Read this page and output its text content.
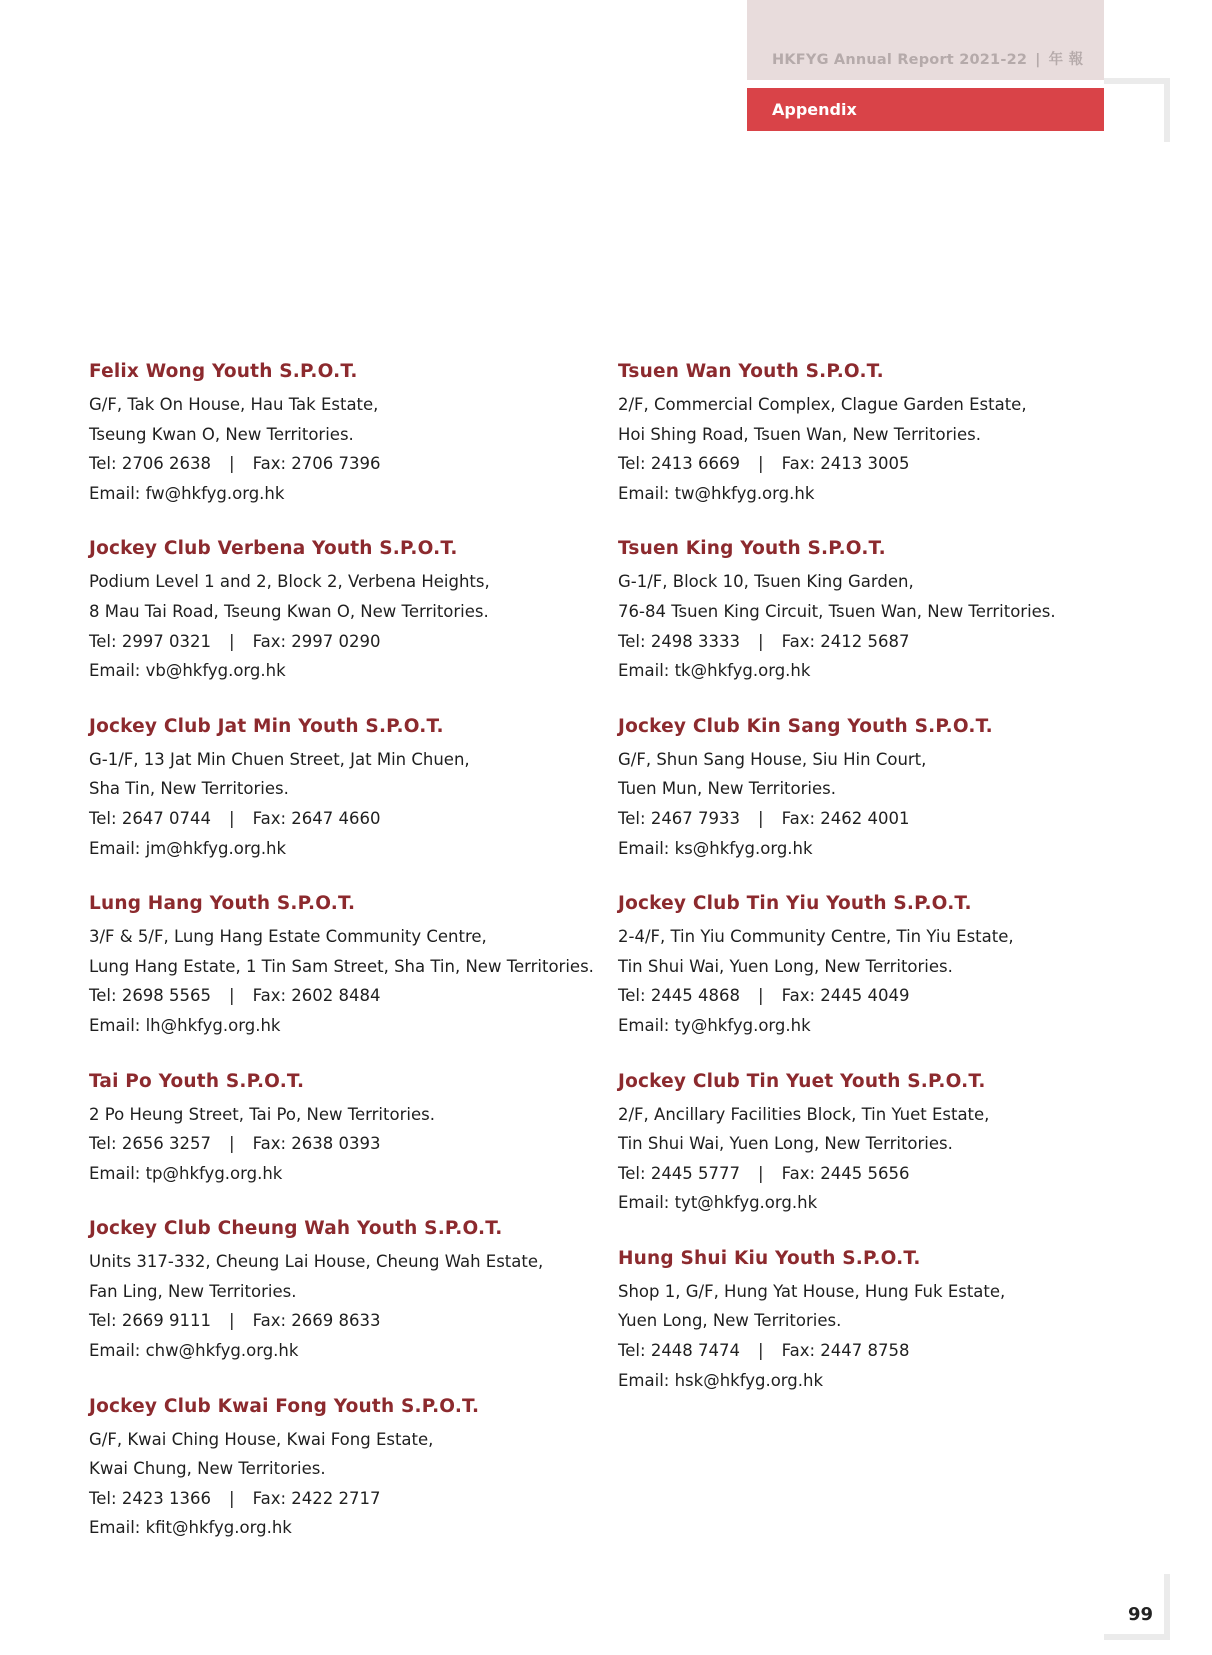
HKFYG Annual Report 2021-22 | 年 報
Appendix
99
Felix Wong Youth S.P.O.T.
G/F, Tak On House, Hau Tak Estate,
Tseung Kwan O, New Territories.
Tel: 2706 2638 | Fax: 2706 7396
Email: fw@hkfyg.org.hk
Jockey Club Verbena Youth S.P.O.T.
Podium Level 1 and 2, Block 2, Verbena Heights,
8 Mau Tai Road, Tseung Kwan O, New Territories.
Tel: 2997 0321 | Fax: 2997 0290
Email: vb@hkfyg.org.hk
Jockey Club Jat Min Youth S.P.O.T.
G-1/F, 13 Jat Min Chuen Street, Jat Min Chuen,
Sha Tin, New Territories.
Tel: 2647 0744 | Fax: 2647 4660
Email: jm@hkfyg.org.hk
Lung Hang Youth S.P.O.T.
3/F & 5/F, Lung Hang Estate Community Centre,
Lung Hang Estate, 1 Tin Sam Street, Sha Tin, New Territories.
Tel: 2698 5565 | Fax: 2602 8484
Email: lh@hkfyg.org.hk
Tai Po Youth S.P.O.T.
2 Po Heung Street, Tai Po, New Territories.
Tel: 2656 3257 | Fax: 2638 0393
Email: tp@hkfyg.org.hk
Jockey Club Cheung Wah Youth S.P.O.T.
Units 317-332, Cheung Lai House, Cheung Wah Estate,
Fan Ling, New Territories.
Tel: 2669 9111 | Fax: 2669 8633
Email: chw@hkfyg.org.hk
Jockey Club Kwai Fong Youth S.P.O.T.
G/F, Kwai Ching House, Kwai Fong Estate,
Kwai Chung, New Territories.
Tel: 2423 1366 | Fax: 2422 2717
Email: kfit@hkfyg.org.hk
Tsuen Wan Youth S.P.O.T.
2/F, Commercial Complex, Clague Garden Estate,
Hoi Shing Road, Tsuen Wan, New Territories.
Tel: 2413 6669 | Fax: 2413 3005
Email: tw@hkfyg.org.hk
Tsuen King Youth S.P.O.T.
G-1/F, Block 10, Tsuen King Garden,
76-84 Tsuen King Circuit, Tsuen Wan, New Territories.
Tel: 2498 3333 | Fax: 2412 5687
Email: tk@hkfyg.org.hk
Jockey Club Kin Sang Youth S.P.O.T.
G/F, Shun Sang House, Siu Hin Court,
Tuen Mun, New Territories.
Tel: 2467 7933 | Fax: 2462 4001
Email: ks@hkfyg.org.hk
Jockey Club Tin Yiu Youth S.P.O.T.
2-4/F, Tin Yiu Community Centre, Tin Yiu Estate,
Tin Shui Wai, Yuen Long, New Territories.
Tel: 2445 4868 | Fax: 2445 4049
Email: ty@hkfyg.org.hk
Jockey Club Tin Yuet Youth S.P.O.T.
2/F, Ancillary Facilities Block, Tin Yuet Estate,
Tin Shui Wai, Yuen Long, New Territories.
Tel: 2445 5777 | Fax: 2445 5656
Email: tyt@hkfyg.org.hk
Hung Shui Kiu Youth S.P.O.T.
Shop 1, G/F, Hung Yat House, Hung Fuk Estate,
Yuen Long, New Territories.
Tel: 2448 7474 | Fax: 2447 8758
Email: hsk@hkfyg.org.hk
